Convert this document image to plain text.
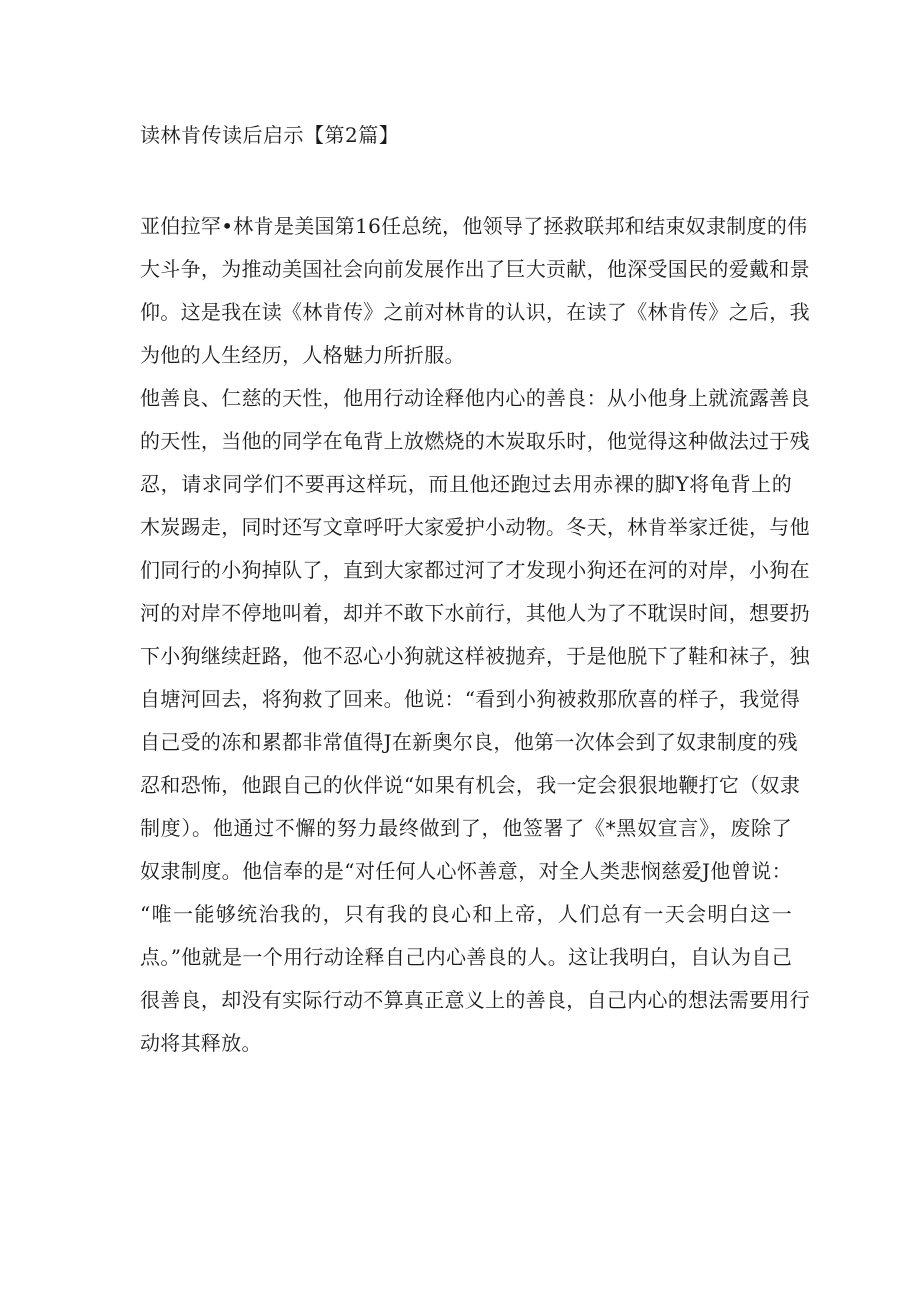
读林肯传读后启示【第2篇】
亚伯拉罕•林肯是美国第16任总统，他领导了拯救联邦和结束奴隶制度的伟
大斗争，为推动美国社会向前发展作出了巨大贡献，他深受国民的爱戴和景
仰。这是我在读《林肯传》之前对林肯的认识，在读了《林肯传》之后，我
为他的人生经历，人格魅力所折服。
他善良、仁慈的天性，他用行动诠释他内心的善良：从小他身上就流露善良
的天性，当他的同学在龟背上放燃烧的木炭取乐时，他觉得这种做法过于残
忍，请求同学们不要再这样玩，而且他还跑过去用赤裸的脚Y将龟背上的
木炭踢走，同时还写文章呼吁大家爱护小动物。冬天，林肯举家迁徙，与他
们同行的小狗掉队了，直到大家都过河了才发现小狗还在河的对岸，小狗在
河的对岸不停地叫着，却并不敢下水前行，其他人为了不耽误时间，想要扔
下小狗继续赶路，他不忍心小狗就这样被抛弃，于是他脱下了鞋和袜子，独
自塘河回去，将狗救了回来。他说：“看到小狗被救那欣喜的样子，我觉得
自己受的冻和累都非常值得J在新奥尔良，他第一次体会到了奴隶制度的残
忍和恐怖，他跟自己的伙伴说“如果有机会，我一定会狠狠地鞭打它（奴隶
制度）。他通过不懈的努力最终做到了，他签署了《*黑奴宣言》，废除了
奴隶制度。他信奉的是“对任何人心怀善意，对全人类悲悯慈爱J他曾说：
“唯一能够统治我的，只有我的良心和上帝，人们总有一天会明白这一
点。”他就是一个用行动诠释自己内心善良的人。这让我明白，自认为自己
很善良，却没有实际行动不算真正意义上的善良，自己内心的想法需要用行
动将其释放。
